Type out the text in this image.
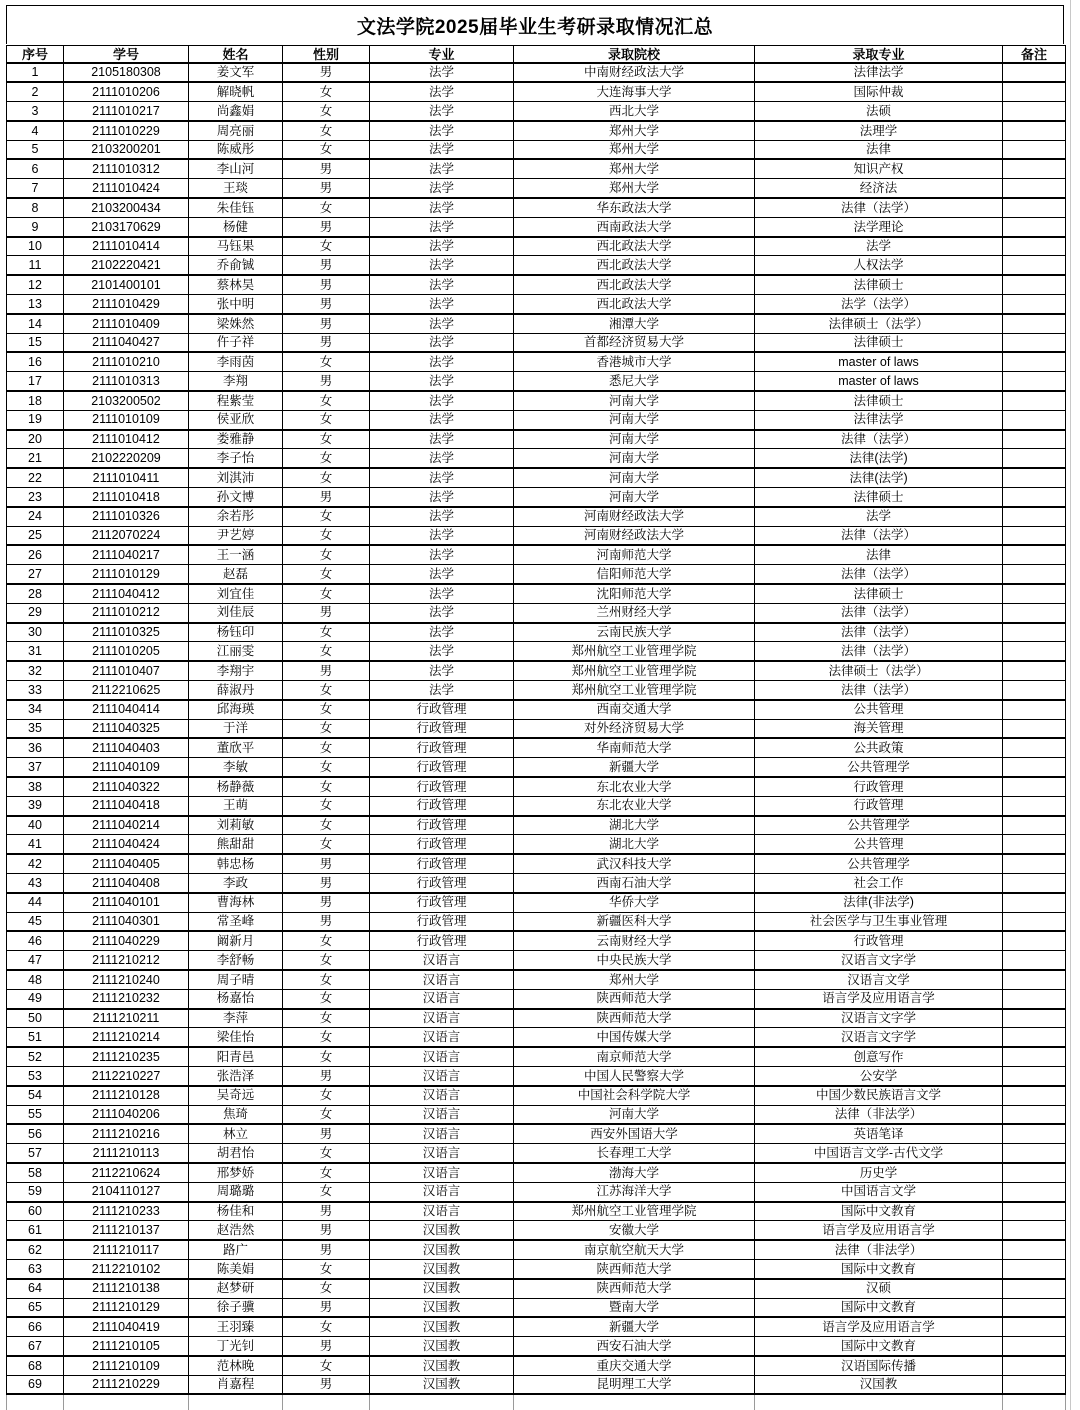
文法学院2025届毕业生考研录取情况汇总
序号	学号	姓名	性别	专业	录取院校	录取专业	备注
1	2105180308	姜文军	男	法学	中南财经政法大学	法律法学	
2	2111010206	解晓帆	女	法学	大连海事大学	国际仲裁	
3	2111010217	尚鑫娟	女	法学	西北大学	法硕	
4	2111010229	周亮丽	女	法学	郑州大学	法理学	
5	2103200201	陈威彤	女	法学	郑州大学	法律	
6	2111010312	李山河	男	法学	郑州大学	知识产权	
7	2111010424	王琰	男	法学	郑州大学	经济法	
8	2103200434	朱佳钰	女	法学	华东政法大学	法律（法学）	
9	2103170629	杨健	男	法学	西南政法大学	法学理论	
10	2111010414	马钰果	女	法学	西北政法大学	法学	
11	2102220421	乔俞铖	男	法学	西北政法大学	人权法学	
12	2101400101	蔡林昊	男	法学	西北政法大学	法律硕士	
13	2111010429	张中明	男	法学	西北政法大学	法学（法学）	
14	2111010409	梁姝然	男	法学	湘潭大学	法律硕士（法学）	
15	2111040427	仵子祥	男	法学	首都经济贸易大学	法律硕士	
16	2111010210	李雨茵	女	法学	香港城市大学	master of laws	
17	2111010313	李翔	男	法学	悉尼大学	master of laws	
18	2103200502	程紫莹	女	法学	河南大学	法律硕士	
19	2111010109	侯亚欣	女	法学	河南大学	法律法学	
20	2111010412	娄雅静	女	法学	河南大学	法律（法学）	
21	2102220209	李子怡	女	法学	河南大学	法律(法学)	
22	2111010411	刘淇沛	女	法学	河南大学	法律(法学)	
23	2111010418	孙文博	男	法学	河南大学	法律硕士	
24	2111010326	余若彤	女	法学	河南财经政法大学	法学	
25	2112070224	尹艺婷	女	法学	河南财经政法大学	法律（法学）	
26	2111040217	王一涵	女	法学	河南师范大学	法律	
27	2111010129	赵磊	女	法学	信阳师范大学	法律（法学）	
28	2111040412	刘宜佳	女	法学	沈阳师范大学	法律硕士	
29	2111010212	刘佳辰	男	法学	兰州财经大学	法律（法学）	
30	2111010325	杨钰印	女	法学	云南民族大学	法律（法学）	
31	2111010205	江丽雯	女	法学	郑州航空工业管理学院	法律（法学）	
32	2111010407	李翔宇	男	法学	郑州航空工业管理学院	法律硕士（法学）	
33	2112210625	薛淑丹	女	法学	郑州航空工业管理学院	法律（法学）	
34	2111040414	邱海瑛	女	行政管理	西南交通大学	公共管理	
35	2111040325	于洋	女	行政管理	对外经济贸易大学	海关管理	
36	2111040403	董欣平	女	行政管理	华南师范大学	公共政策	
37	2111040109	李敏	女	行政管理	新疆大学	公共管理学	
38	2111040322	杨静薇	女	行政管理	东北农业大学	行政管理	
39	2111040418	王萌	女	行政管理	东北农业大学	行政管理	
40	2111040214	刘莉敏	女	行政管理	湖北大学	公共管理学	
41	2111040424	熊甜甜	女	行政管理	湖北大学	公共管理	
42	2111040405	韩忠杨	男	行政管理	武汉科技大学	公共管理学	
43	2111040408	李政	男	行政管理	西南石油大学	社会工作	
44	2111040101	曹海林	男	行政管理	华侨大学	法律(非法学)	
45	2111040301	常圣峰	男	行政管理	新疆医科大学	社会医学与卫生事业管理	
46	2111040229	阚新月	女	行政管理	云南财经大学	行政管理	
47	2111210212	李舒畅	女	汉语言	中央民族大学	汉语言文字学	
48	2111210240	周子晴	女	汉语言	郑州大学	汉语言文学	
49	2111210232	杨嘉怡	女	汉语言	陕西师范大学	语言学及应用语言学	
50	2111210211	李萍	女	汉语言	陕西师范大学	汉语言文字学	
51	2111210214	梁佳怡	女	汉语言	中国传媒大学	汉语言文字学	
52	2111210235	阳青邑	女	汉语言	南京师范大学	创意写作	
53	2112210227	张浩泽	男	汉语言	中国人民警察大学	公安学	
54	2111210128	吴奇远	女	汉语言	中国社会科学院大学	中国少数民族语言文学	
55	2111040206	焦琦	女	汉语言	河南大学	法律（非法学）	
56	2111210216	林立	男	汉语言	西安外国语大学	英语笔译	
57	2111210113	胡君怡	女	汉语言	长春理工大学	中国语言文学-古代文学	
58	2112210624	邢梦娇	女	汉语言	渤海大学	历史学	
59	2104110127	周璐璐	女	汉语言	江苏海洋大学	中国语言文学	
60	2111210233	杨佳和	男	汉语言	郑州航空工业管理学院	国际中文教育	
61	2111210137	赵浩然	男	汉国教	安徽大学	语言学及应用语言学	
62	2111210117	路广	男	汉国教	南京航空航天大学	法律（非法学）	
63	2112210102	陈美娟	女	汉国教	陕西师范大学	国际中文教育	
64	2111210138	赵梦研	女	汉国教	陕西师范大学	汉硕	
65	2111210129	徐子骥	男	汉国教	暨南大学	国际中文教育	
66	2111040419	王羽臻	女	汉国教	新疆大学	语言学及应用语言学	
67	2111210105	丁光钊	男	汉国教	西安石油大学	国际中文教育	
68	2111210109	范林晚	女	汉国教	重庆交通大学	汉语国际传播	
69	2111210229	肖嘉程	男	汉国教	昆明理工大学	汉国教	
